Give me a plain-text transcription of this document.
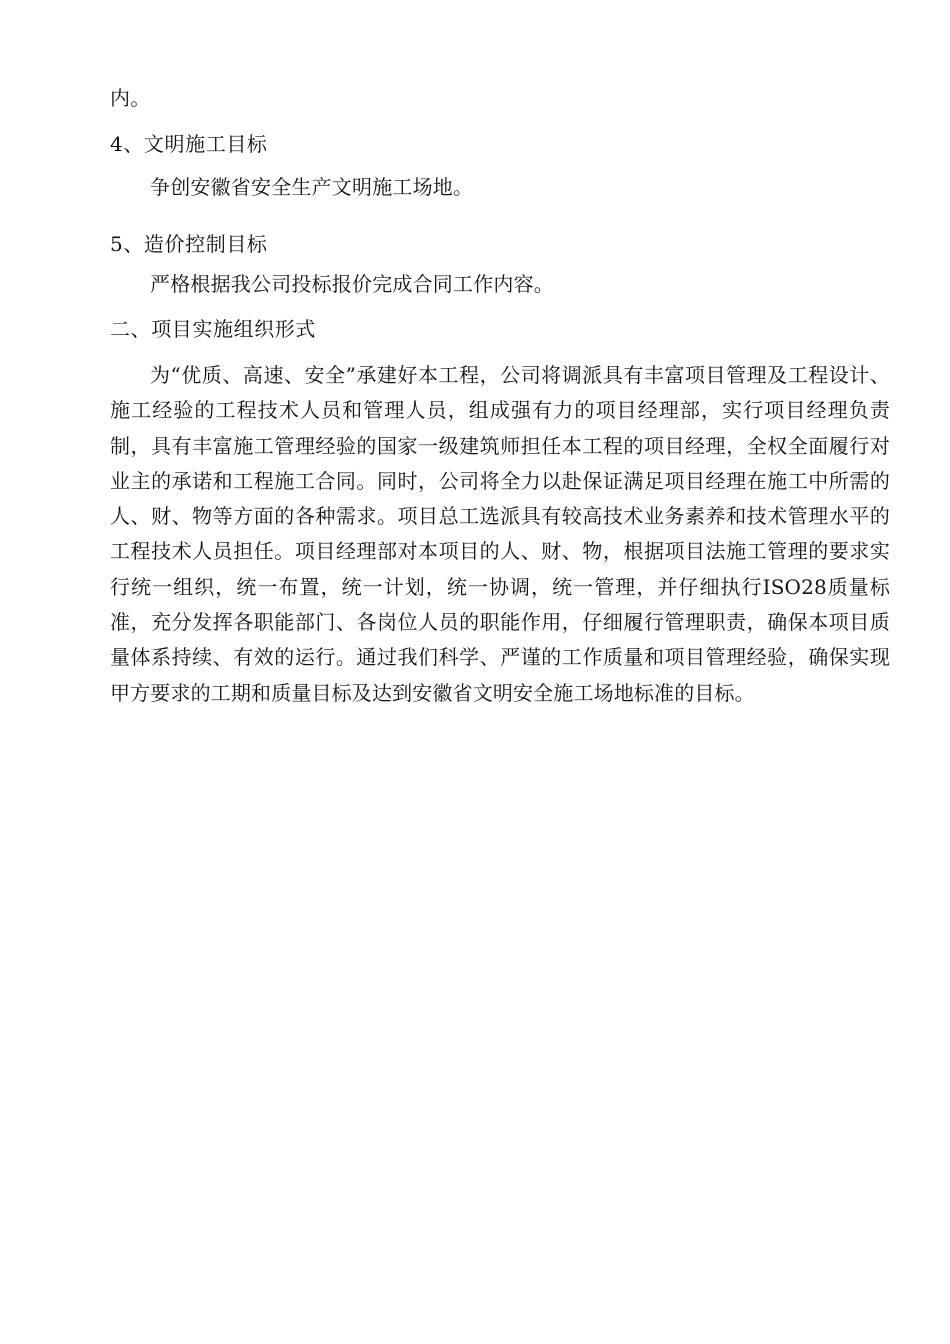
内。
4、文明施工目标
争创安徽省安全生产文明施工场地。
5、造价控制目标
严格根据我公司投标报价完成合同工作内容。
二、项目实施组织形式

为“优质、高速、安全”承建好本工程，公司将调派具有丰富项目管理及工程设计、施工经验的工程技术人员和管理人员，组成强有力的项目经理部，实行项目经理负责制，具有丰富施工管理经验的国家一级建筑师担任本工程的项目经理，全权全面履行对业主的承诺和工程施工合同。同时，公司将全力以赴保证满足项目经理在施工中所需的人、财、物等方面的各种需求。项目总工选派具有较高技术业务素养和技术管理水平的工程技术人员担任。项目经理部对本项目的人、财、物，根据项目法施工管理的要求实行统一组织，统一布置，统一计划，统一协调，统一管理，并仔细执行ISO28质量标准，充分发挥各职能部门、各岗位人员的职能作用，仔细履行管理职责，确保本项目质量体系持续、有效的运行。通过我们科学、严谨的工作质量和项目管理经验，确保实现甲方要求的工期和质量目标及达到安徽省文明安全施工场地标准的目标。
